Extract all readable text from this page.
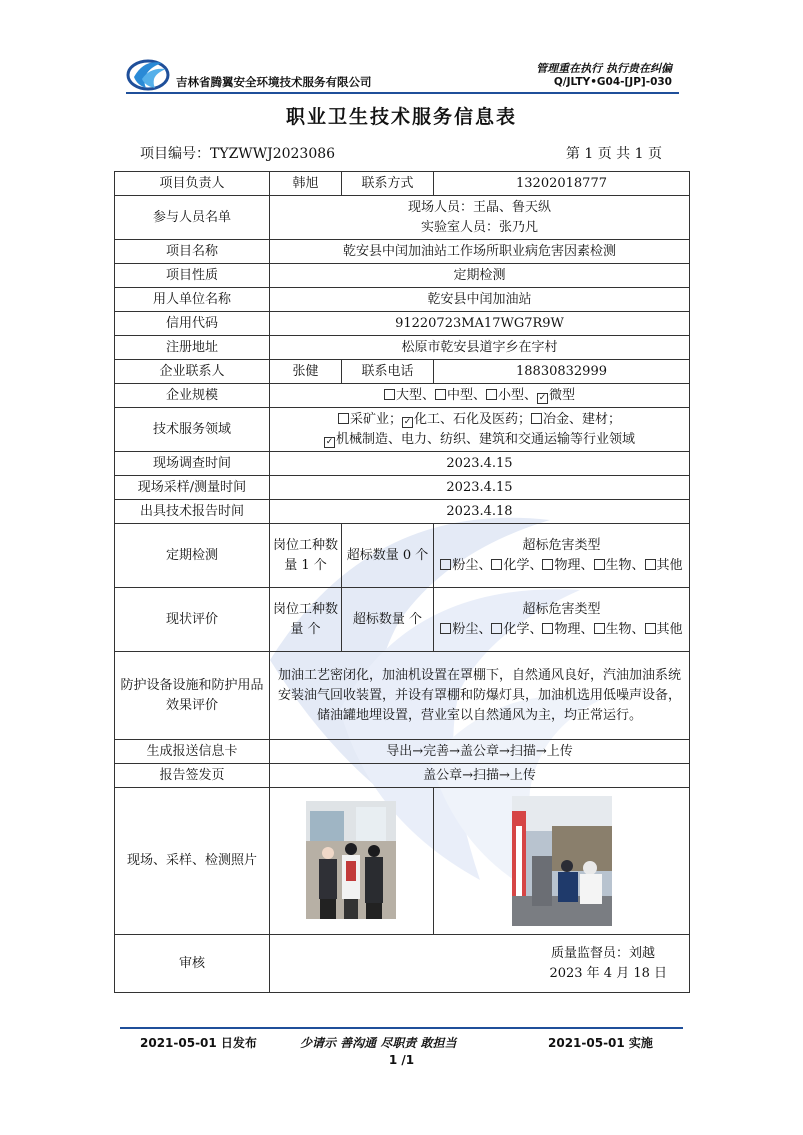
吉林省腾翼安全环境技术服务有限公司
管理重在执行 执行贵在纠偏
Q/JLTY•G04-[JP]-030
职业卫生技术服务信息表
项目编号：TYZWWJ2023086	第 1 页 共 1 页
项目负责人	韩旭	联系方式	13202018777
参与人员名单	现场人员：王晶、鲁天纵
实验室人员：张乃凡		

项目名称	乾安县中闰加油站工作场所职业病危害因素检测		
项目性质	定期检测		
用人单位名称	乾安县中闰加油站		
信用代码	91220723MA17WG7R9W		
注册地址	松原市乾安县道字乡在字村		
企业联系人	张健	联系电话	18830832999
企业规模	大型、 中型、 小型、 ✓ 微型		
技术服务领域	采矿业； ✓ 化工、石化及医药； 冶金、建材；
✓ 机械制造、电力、纺织、建筑和交通运输等行业领域		

现场调查时间	2023.4.15		
现场采样/测量时间	2023.4.15		
出具技术报告时间	2023.4.18		
定期检测	岗位工种数量 1 个	超标数量 0 个	超标危害类型
粉尘、 化学、 物理、 生物、 其他

现状评价	岗位工种数量 个	超标数量 个	超标危害类型
粉尘、 化学、 物理、 生物、 其他

防护设备设施和防护用品效果评价	加油工艺密闭化，加油机设置在罩棚下，自然通风良好，汽油加油系统安装油气回收装置，并设有罩棚和防爆灯具，加油机选用低噪声设备，储油罐地埋设置，营业室以自然通风为主，均正常运行。		
生成报送信息卡	导出→完善→盖公章→扫描→上传		
报告签发页	盖公章→扫描→上传		
现场、采样、检测照片	

审核	质量监督员：刘越
2023 年 4 月 18 日		
2021-05-01 日发布	少请示 善沟通 尽职责 敢担当	2021-05-01 实施
1 /1
